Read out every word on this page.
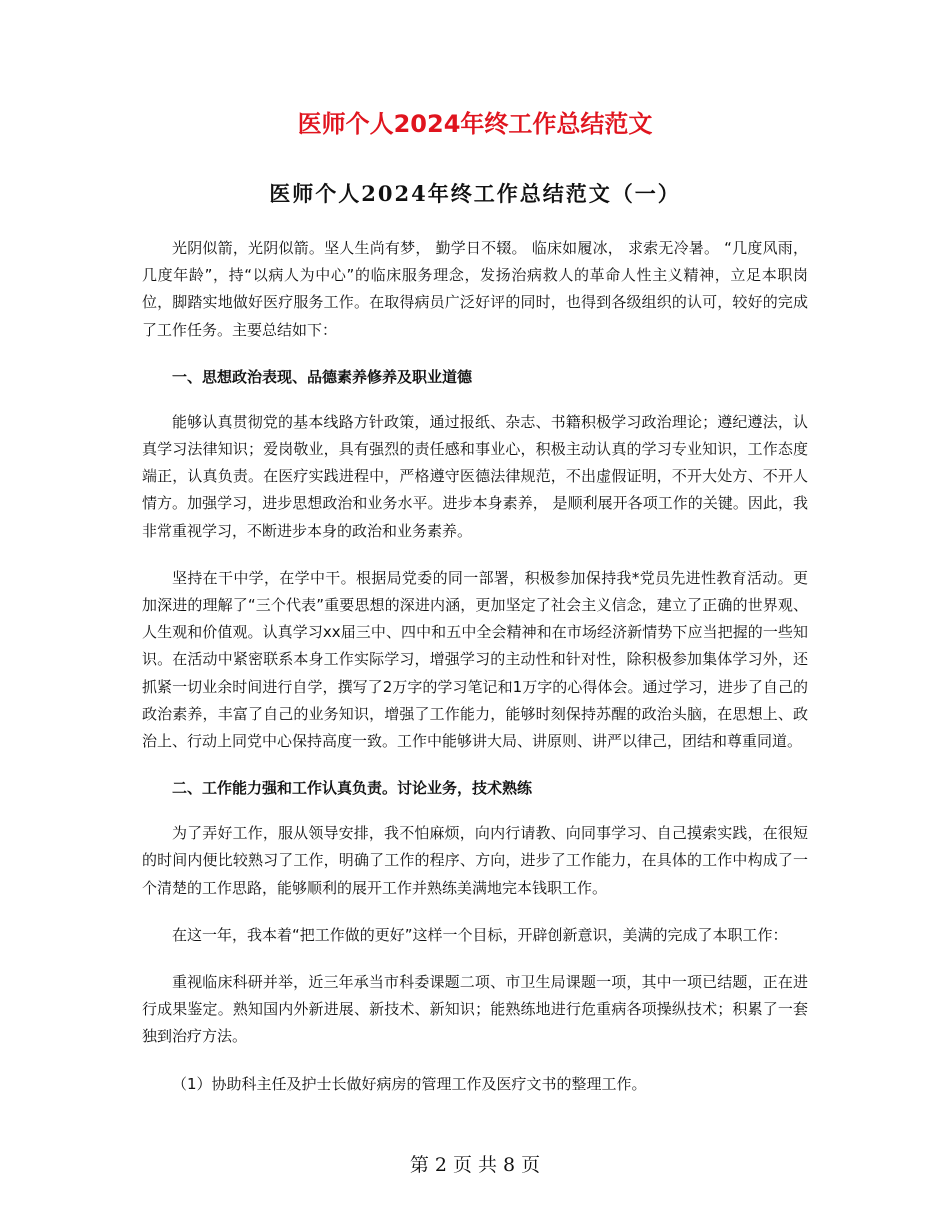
医师个人2024年终工作总结范文
医师个人2024年终工作总结范文（一）

光阴似箭，光阴似箭。坚人生尚有梦， 勤学日不辍。 临床如履冰， 求索无冷暑。 “几度风雨，几度年龄”，持“以病人为中心”的临床服务理念，发扬治病救人的革命人性主义精神，立足本职岗位，脚踏实地做好医疗服务工作。在取得病员广泛好评的同时，也得到各级组织的认可，较好的完成了工作任务。主要总结如下：

一、思想政治表现、品德素养修养及职业道德

能够认真贯彻党的基本线路方针政策，通过报纸、杂志、书籍积极学习政治理论；遵纪遵法，认真学习法律知识；爱岗敬业，具有强烈的责任感和事业心，积极主动认真的学习专业知识，工作态度端正，认真负责。在医疗实践进程中，严格遵守医德法律规范，不出虚假证明，不开大处方、不开人情方。加强学习，进步思想政治和业务水平。进步本身素养， 是顺利展开各项工作的关键。因此，我非常重视学习，不断进步本身的政治和业务素养。

坚持在干中学，在学中干。根据局党委的同一部署，积极参加保持我*党员先进性教育活动。更加深进的理解了“三个代表”重要思想的深进内涵，更加坚定了社会主义信念，建立了正确的世界观、人生观和价值观。认真学习xx届三中、四中和五中全会精神和在市场经济新情势下应当把握的一些知识。在活动中紧密联系本身工作实际学习，增强学习的主动性和针对性，除积极参加集体学习外，还抓紧一切业余时间进行自学，撰写了2万字的学习笔记和1万字的心得体会。通过学习，进步了自己的政治素养，丰富了自己的业务知识，增强了工作能力，能够时刻保持苏醒的政治头脑，在思想上、政治上、行动上同党中心保持高度一致。工作中能够讲大局、讲原则、讲严以律己，团结和尊重同道。

二、工作能力强和工作认真负责。讨论业务，技术熟练

为了弄好工作，服从领导安排，我不怕麻烦，向内行请教、向同事学习、自己摸索实践，在很短的时间内便比较熟习了工作，明确了工作的程序、方向，进步了工作能力，在具体的工作中构成了一个清楚的工作思路，能够顺利的展开工作并熟练美满地完本钱职工作。

在这一年，我本着“把工作做的更好”这样一个目标，开辟创新意识，美满的完成了本职工作：

重视临床科研并举，近三年承当市科委课题二项、市卫生局课题一项，其中一项已结题，正在进行成果鉴定。熟知国内外新进展、新技术、新知识；能熟练地进行危重病各项操纵技术；积累了一套独到治疗方法。

（1）协助科主任及护士长做好病房的管理工作及医疗文书的整理工作。

第 2 页 共 8 页
